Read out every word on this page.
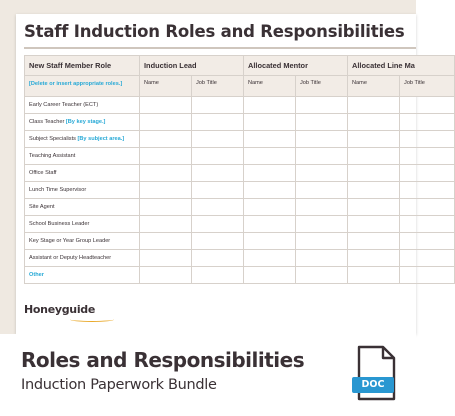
Staff Induction Roles and Responsibilities
New Staff Member Role	Induction Lead		Allocated Mentor		Allocated Line Ma	
[Delete or insert appropriate roles.]	Name	Job Title	Name	Job Title	Name	Job Title
Early Career Teacher (ECT)						
Class Teacher [By key stage.]						
Subject Specialists [By subject area.]						
Teaching Assistant						
Office Staff						
Lunch Time Supervisor						
Site Agent						
School Business Leader						
Key Stage or Year Group Leader						
Assistant or Deputy Headteacher						
Other						
Honeyguide
Roles and Responsibilities
Induction Paperwork Bundle	DOC
